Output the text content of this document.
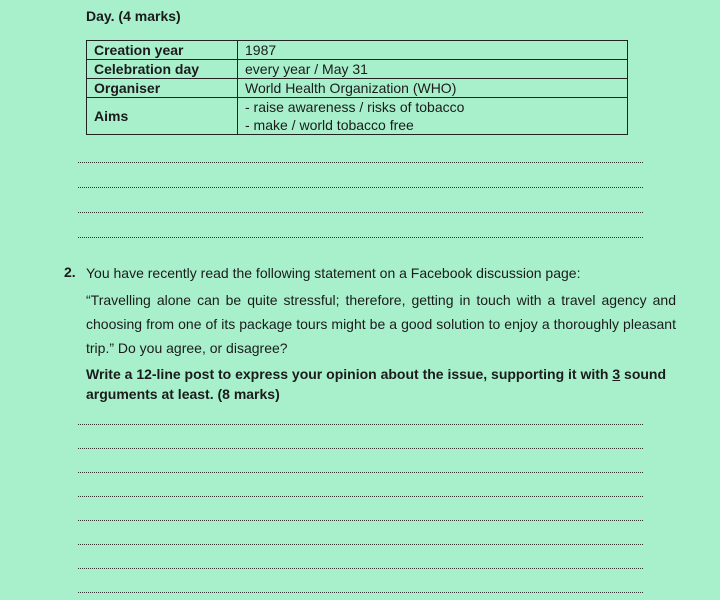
Day. (4 marks)
Creation year	1987
Celebration day	every year / May 31
Organiser	World Health Organization (WHO)
Aims	- raise awareness / risks of tobacco
- make / world tobacco free
2. You have recently read the following statement on a Facebook discussion page:

“Travelling alone can be quite stressful; therefore, getting in touch with a travel agency and choosing from one of its package tours might be a good solution to enjoy a thoroughly pleasant trip.” Do you agree, or disagree?

Write a 12-line post to express your opinion about the issue, supporting it with 3 sound arguments at least. (8 marks)
